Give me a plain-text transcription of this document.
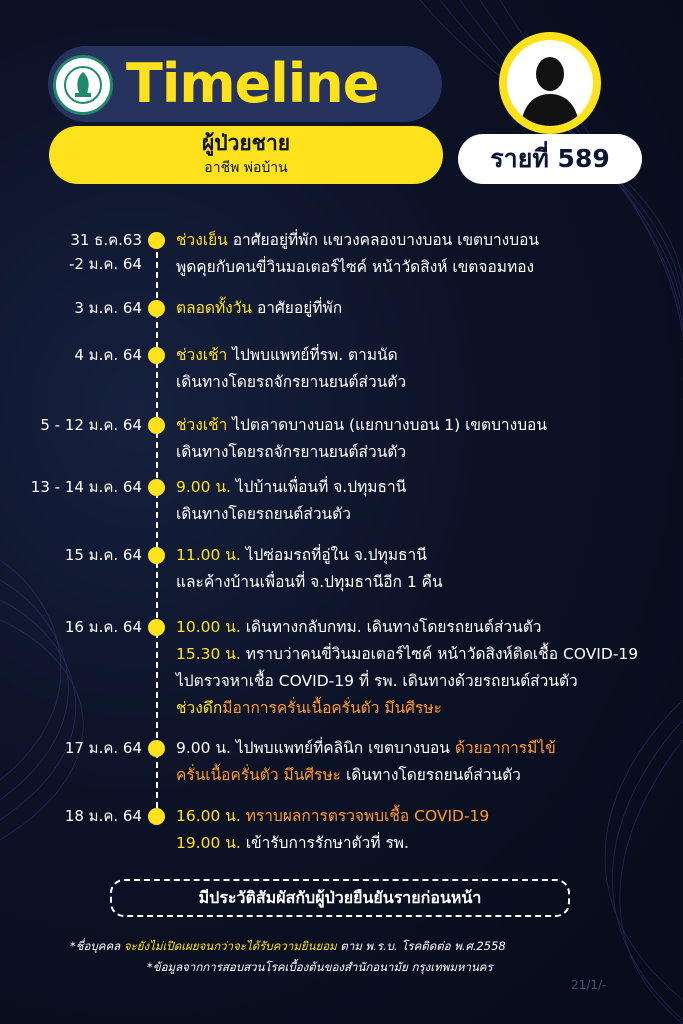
Timeline
ผู้ป่วยชาย
อาชีพ พ่อบ้าน	รายที่ 589
31 ธ.ค.63
-2 ม.ค. 64
ช่วงเย็น อาศัยอยู่ที่พัก แขวงคลองบางบอน เขตบางบอน
พูดคุยกับคนขี่วินมอเตอร์ไซค์ หน้าวัดสิงห์ เขตจอมทอง
3 ม.ค. 64 ตลอดทั้งวัน อาศัยอยู่ที่พัก
4 ม.ค. 64 ช่วงเช้า ไปพบแพทย์ที่รพ. ตามนัด
เดินทางโดยรถจักรยานยนต์ส่วนตัว
5 - 12 ม.ค. 64 ช่วงเช้า ไปตลาดบางบอน (แยกบางบอน 1) เขตบางบอน
เดินทางโดยรถจักรยานยนต์ส่วนตัว
13 - 14 ม.ค. 64 9.00 น. ไปบ้านเพื่อนที่ จ.ปทุมธานี
เดินทางโดยรถยนต์ส่วนตัว
15 ม.ค. 64 11.00 น. ไปซ่อมรถที่อู่ใน จ.ปทุมธานี
และค้างบ้านเพื่อนที่ จ.ปทุมธานีอีก 1 คืน
16 ม.ค. 64 10.00 น. เดินทางกลับกทม. เดินทางโดยรถยนต์ส่วนตัว
15.30 น. ทราบว่าคนขี่วินมอเตอร์ไซค์ หน้าวัดสิงห์ติดเชื้อ COVID-19
ไปตรวจหาเชื้อ COVID-19 ที่ รพ. เดินทางด้วยรถยนต์ส่วนตัว
ช่วงดึกมีอาการครั่นเนื้อครั่นตัว มึนศีรษะ
17 ม.ค. 64 9.00 น. ไปพบแพทย์ที่คลินิก เขตบางบอน ด้วยอาการมีไข้
ครั่นเนื้อครั่นตัว มึนศีรษะ เดินทางโดยรถยนต์ส่วนตัว
18 ม.ค. 64 16.00 น. ทราบผลการตรวจพบเชื้อ COVID-19
19.00 น. เข้ารับการรักษาตัวที่ รพ.
มีประวัติสัมผัสกับผู้ป่วยยืนยันรายก่อนหน้า
*ชื่อบุคคล จะยังไม่เปิดเผยจนกว่าจะได้รับความยินยอม ตาม พ.ร.บ. โรคติดต่อ พ.ศ.2558
*ข้อมูลจากการสอบสวนโรคเบื้องต้นของสำนักอนามัย กรุงเทพมหานคร
21/1/-
